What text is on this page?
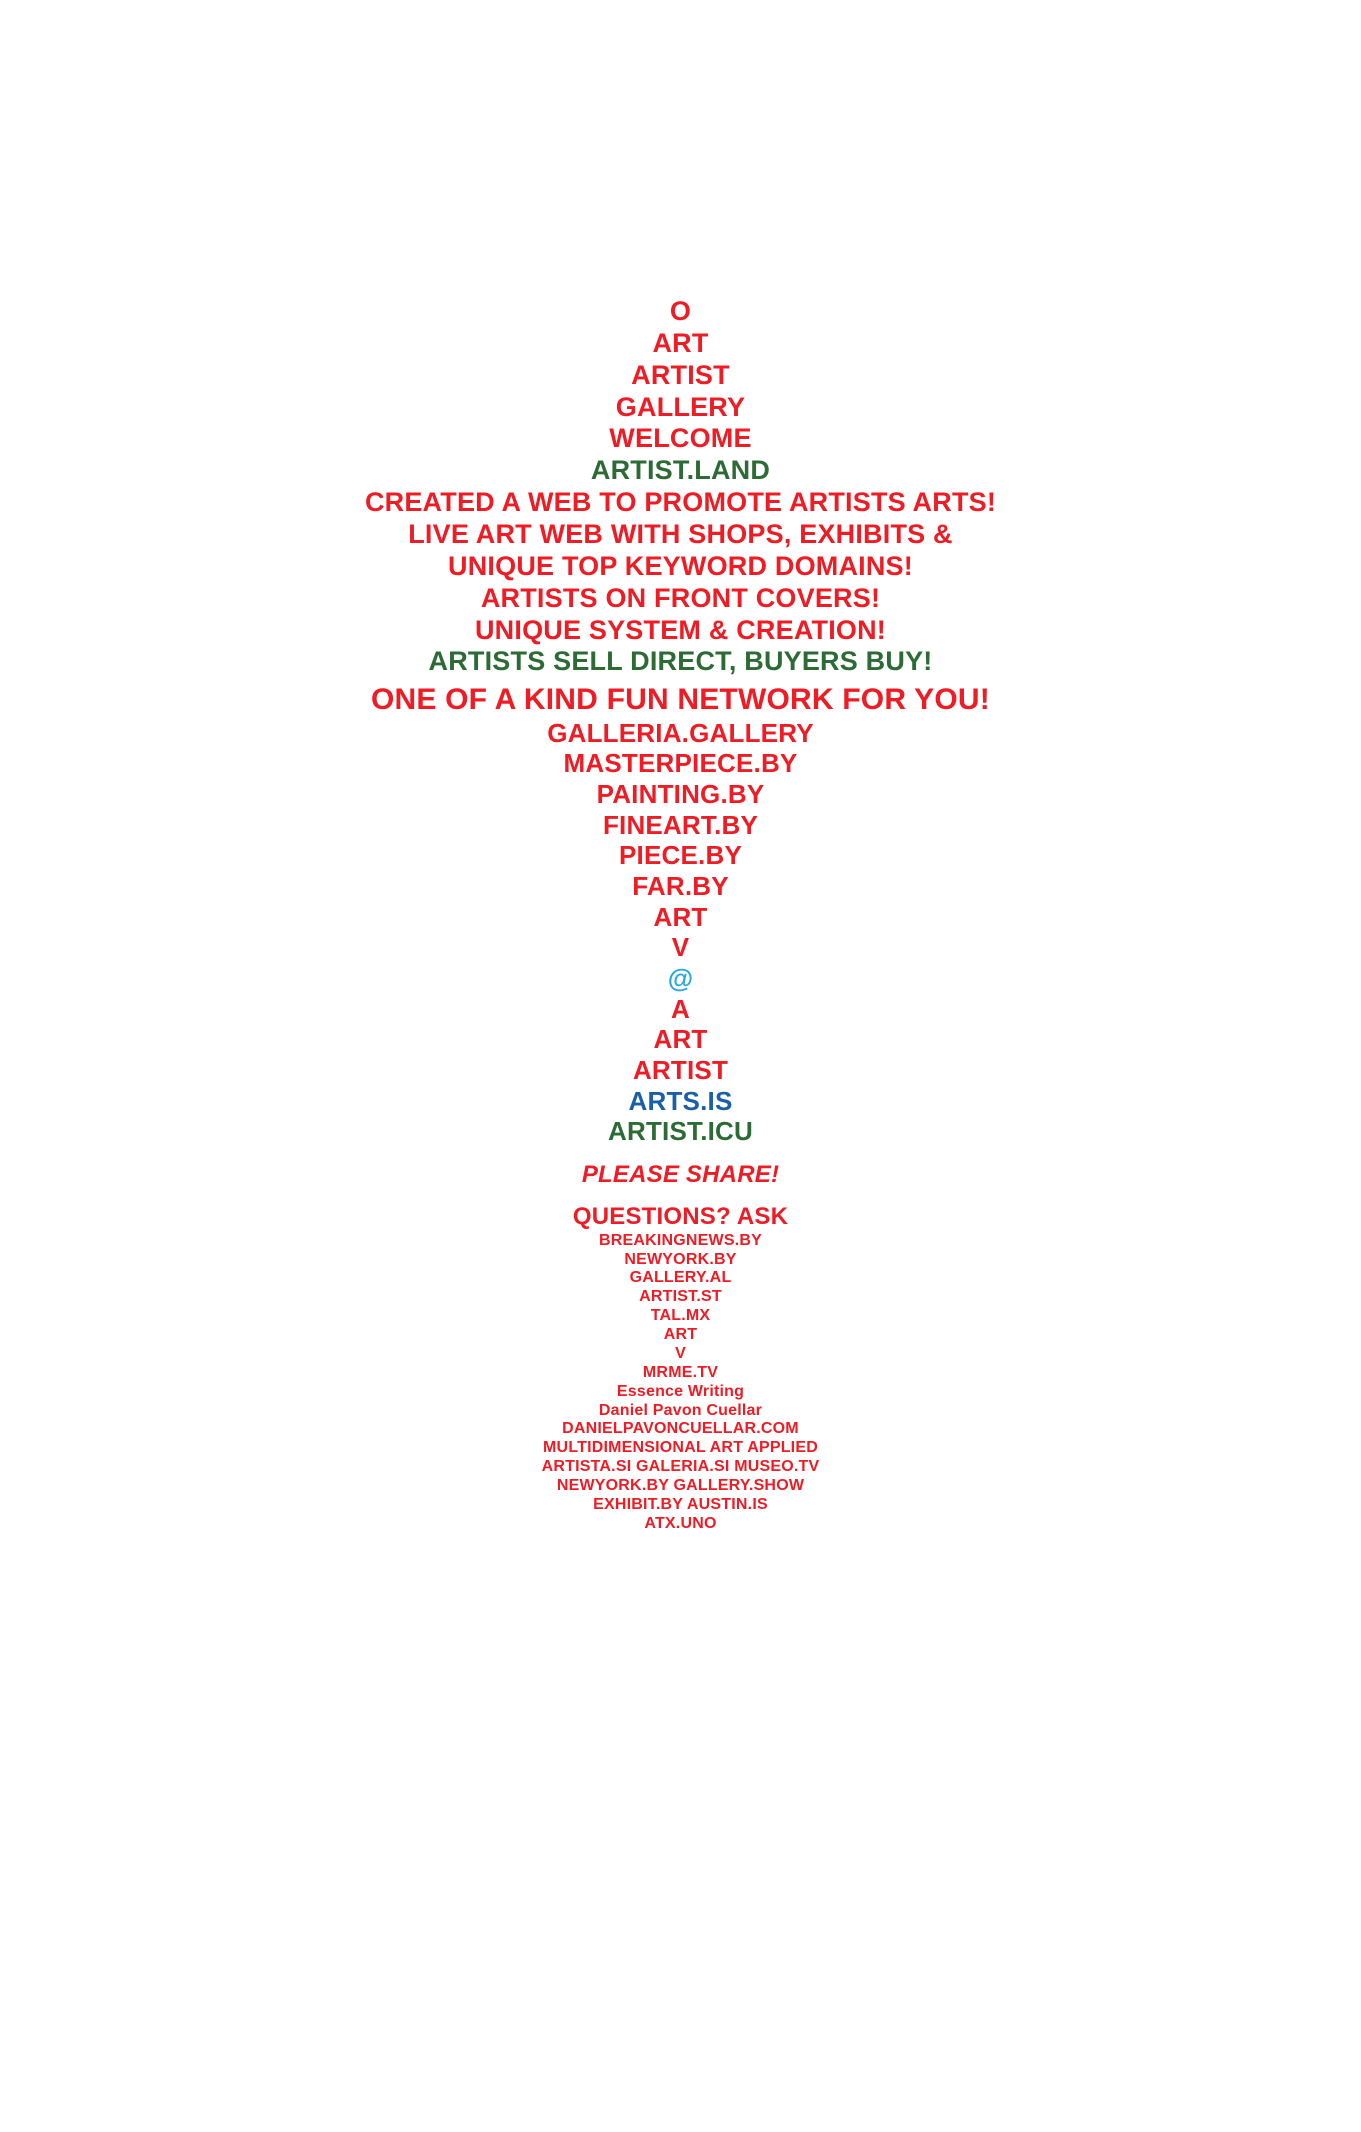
O
ART
ARTIST
GALLERY
WELCOME
ARTIST.LAND
CREATED A WEB TO PROMOTE ARTISTS ARTS!
LIVE ART WEB WITH SHOPS, EXHIBITS &
UNIQUE TOP KEYWORD DOMAINS!
ARTISTS ON FRONT COVERS!
UNIQUE SYSTEM & CREATION!
ARTISTS SELL DIRECT, BUYERS BUY!
ONE OF A KIND FUN NETWORK FOR YOU!
GALLERIA.GALLERY
MASTERPIECE.BY
PAINTING.BY
FINEART.BY
PIECE.BY
FAR.BY
ART
V
@
A
ART
ARTIST
ARTS.IS
ARTIST.ICU
PLEASE SHARE!
QUESTIONS? ASK
BREAKINGNEWS.BY
NEWYORK.BY
GALLERY.AL
ARTIST.ST
TAL.MX
ART
V
MRME.TV
Essence Writing
Daniel Pavon Cuellar
DANIELPAVONCUELLAR.COM
MULTIDIMENSIONAL ART APPLIED
ARTISTA.SI GALERIA.SI MUSEO.TV
NEWYORK.BY GALLERY.SHOW
EXHIBIT.BY AUSTIN.IS
ATX.UNO
